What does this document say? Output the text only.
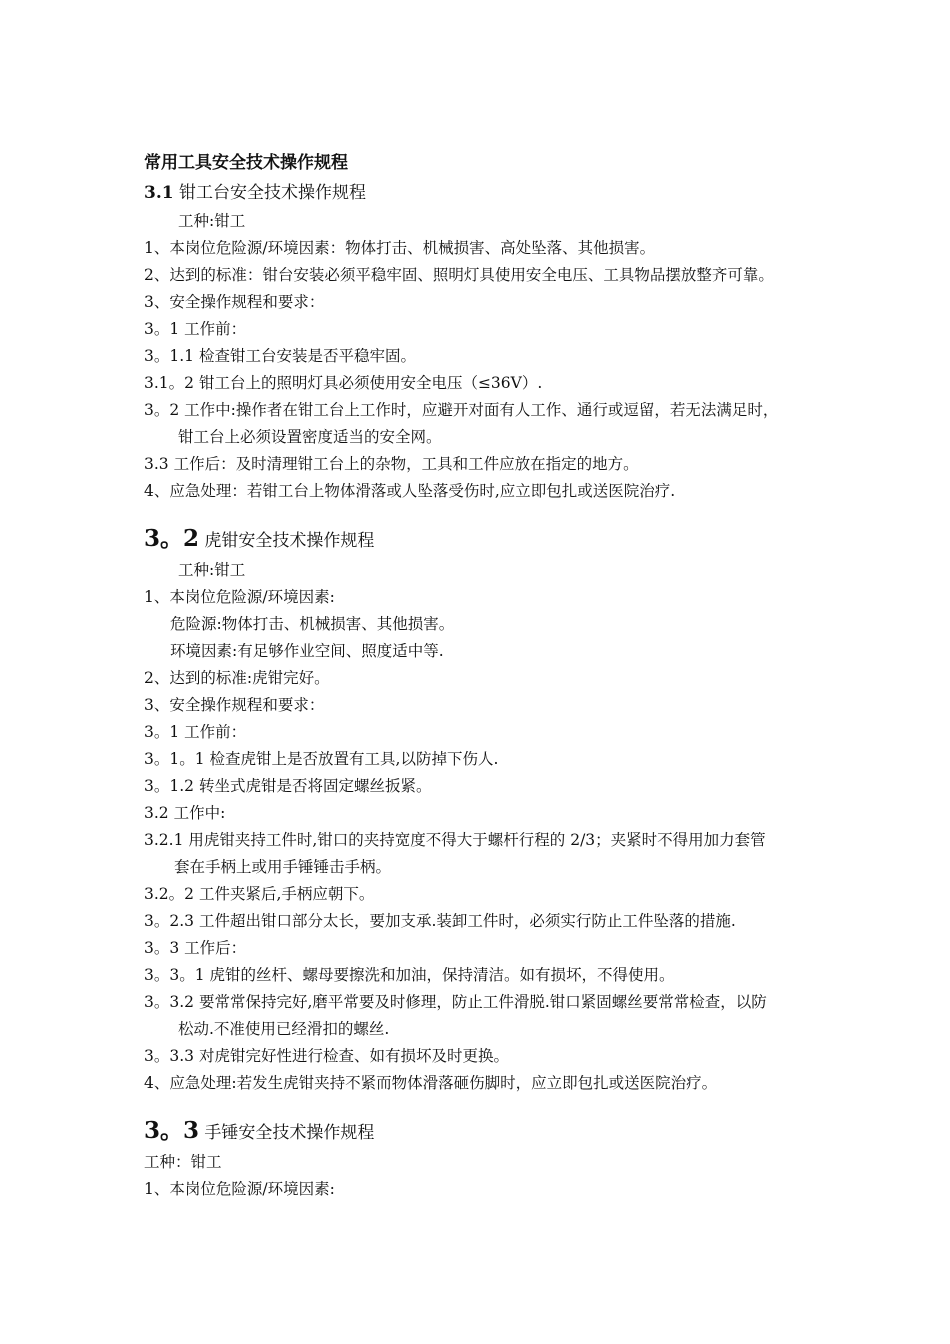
常用工具安全技术操作规程
3.1 钳工台安全技术操作规程
工种:钳工
1、本岗位危险源/环境因素：物体打击、机械损害、高处坠落、其他损害。
2、达到的标准：钳台安装必须平稳牢固、照明灯具使用安全电压、工具物品摆放整齐可靠。
3、安全操作规程和要求：
3。1 工作前：
3。1.1 检查钳工台安装是否平稳牢固。
3.1。2 钳工台上的照明灯具必须使用安全电压（≤36V）.
3。2 工作中:操作者在钳工台上工作时，应避开对面有人工作、通行或逗留，若无法满足时，
钳工台上必须设置密度适当的安全网。
3.3 工作后：及时清理钳工台上的杂物，工具和工件应放在指定的地方。
4、应急处理：若钳工台上物体滑落或人坠落受伤时,应立即包扎或送医院治疗.
3。2 虎钳安全技术操作规程
工种:钳工
1、本岗位危险源/环境因素:
危险源:物体打击、机械损害、其他损害。
环境因素:有足够作业空间、照度适中等.
2、达到的标准:虎钳完好。
3、安全操作规程和要求：
3。1 工作前：
3。1。1 检查虎钳上是否放置有工具,以防掉下伤人.
3。1.2 转坐式虎钳是否将固定螺丝扳紧。
3.2 工作中:
3.2.1 用虎钳夹持工件时,钳口的夹持宽度不得大于螺杆行程的 2/3；夹紧时不得用加力套管
套在手柄上或用手锤锤击手柄。
3.2。2 工件夹紧后,手柄应朝下。
3。2.3 工件超出钳口部分太长，要加支承.装卸工件时，必须实行防止工件坠落的措施.
3。3 工作后：
3。3。1 虎钳的丝杆、螺母要擦洗和加油，保持清洁。如有损坏，不得使用。
3。3.2 要常常保持完好,磨平常要及时修理，防止工件滑脱.钳口紧固螺丝要常常检查，以防
松动.不准使用已经滑扣的螺丝.
3。3.3 对虎钳完好性进行检查、如有损坏及时更换。
4、应急处理:若发生虎钳夹持不紧而物体滑落砸伤脚时，应立即包扎或送医院治疗。
3。3 手锤安全技术操作规程
工种：钳工
1、本岗位危险源/环境因素:
